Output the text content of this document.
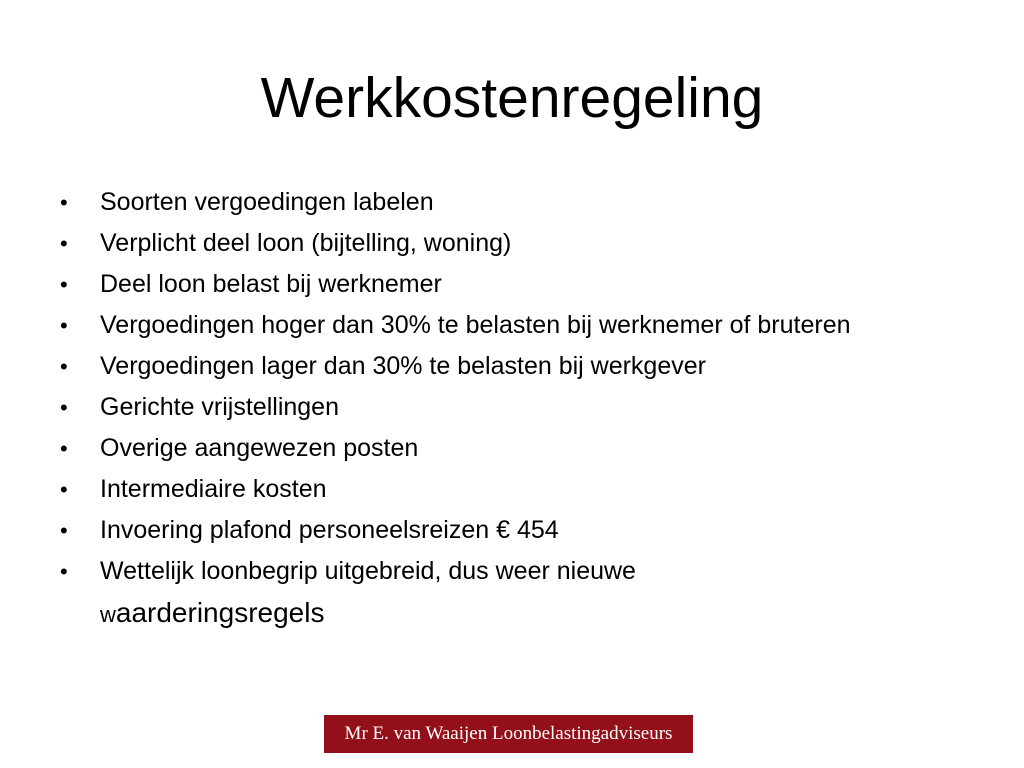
Werkkostenregeling
• Soorten vergoedingen labelen
• Verplicht deel loon (bijtelling, woning)
• Deel loon belast bij werknemer
• Vergoedingen hoger dan 30% te belasten bij werknemer of bruteren
• Vergoedingen lager dan 30% te belasten bij werkgever
• Gerichte vrijstellingen
• Overige aangewezen posten
• Intermediaire kosten
• Invoering plafond personeelsreizen € 454
• Wettelijk loonbegrip uitgebreid, dus weer nieuwe waarderingsregels
Mr E. van Waaijen Loonbelastingadviseurs
